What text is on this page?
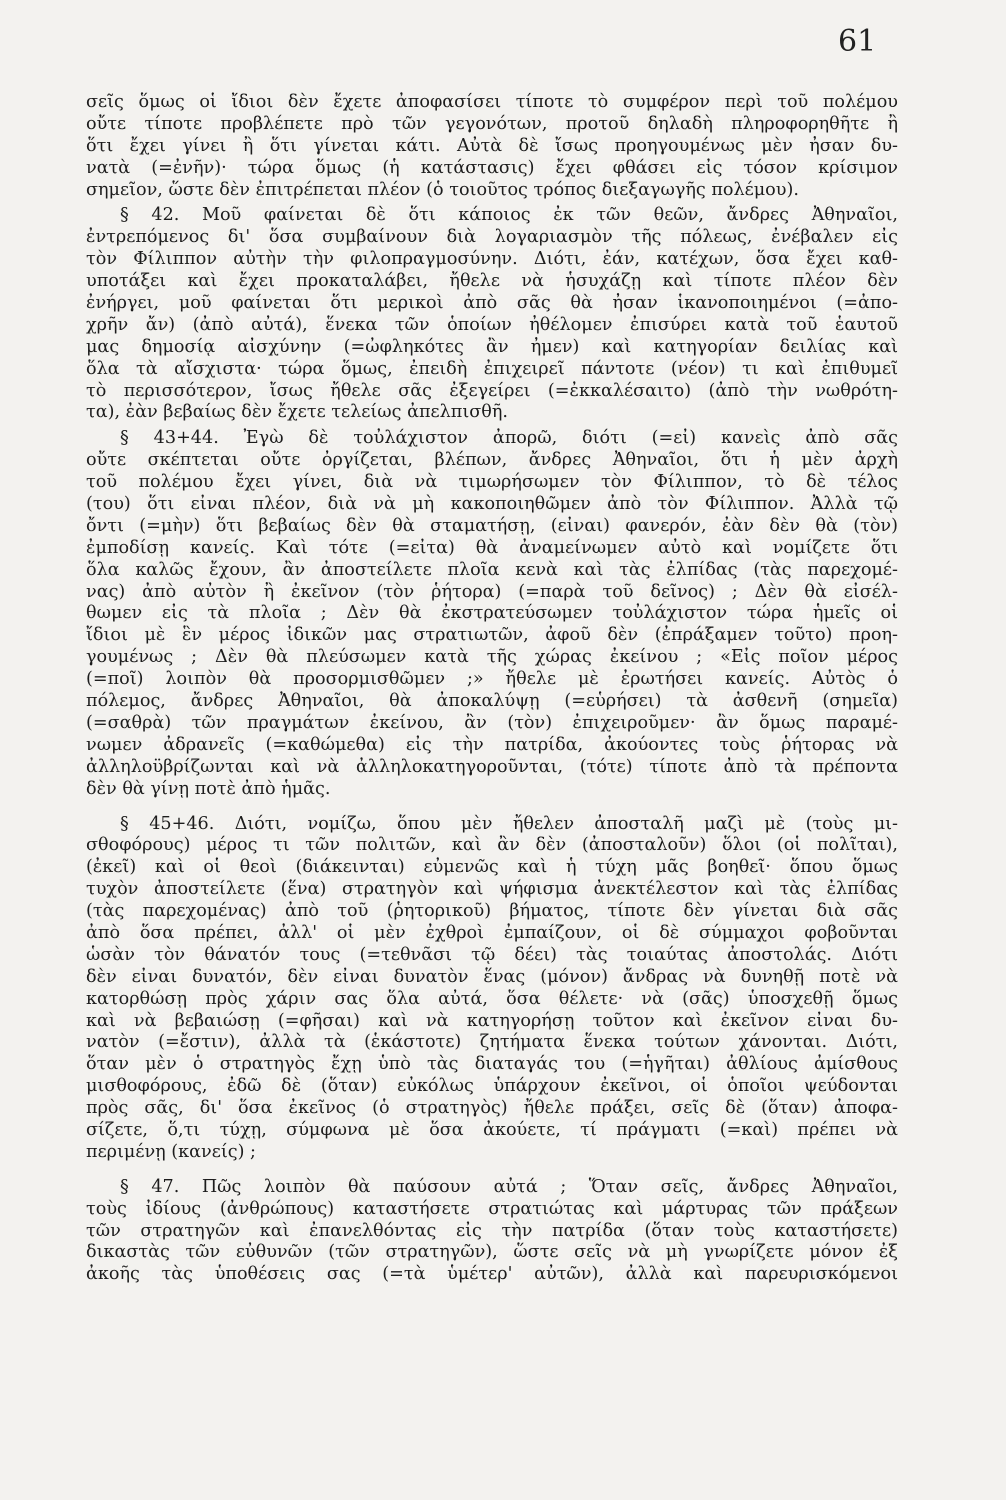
61
σεῖς ὅμως οἱ ἴδιοι δὲν ἔχετε ἀποφασίσει τίποτε τὸ συμφέρον περὶ τοῦ πολέμου
οὔτε τίποτε προβλέπετε πρὸ τῶν γεγονότων, προτοῦ δηλαδὴ πληροφορηθῆτε ἢ
ὅτι ἔχει γίνει ἢ ὅτι γίνεται κάτι. Αὐτὰ δὲ ἴσως προηγουμένως μὲν ἦσαν δυ-
νατὰ (=ἐνῆν)· τώρα ὅμως (ἡ κατάστασις) ἔχει φθάσει εἰς τόσον κρίσιμον
σημεῖον, ὥστε δὲν ἐπιτρέπεται πλέον (ὁ τοιοῦτος τρόπος διεξαγωγῆς πολέμου).
§ 42. Μοῦ φαίνεται δὲ ὅτι κάποιος ἐκ τῶν θεῶν, ἄνδρες Ἀθηναῖοι,
ἐντρεπόμενος δι' ὅσα συμβαίνουν διὰ λογαριασμὸν τῆς πόλεως, ἐνέβαλεν εἰς
τὸν Φίλιππον αὐτὴν τὴν φιλοπραγμοσύνην. Διότι, ἐάν, κατέχων, ὅσα ἔχει καθ-
υποτάξει καὶ ἔχει προκαταλάβει, ἤθελε νὰ ἡσυχάζῃ καὶ τίποτε πλέον δὲν
ἐνήργει, μοῦ φαίνεται ὅτι μερικοὶ ἀπὸ σᾶς θὰ ἦσαν ἱκανοποιημένοι (=ἀπο-
χρῆν ἄν) (ἀπὸ αὐτά), ἕνεκα τῶν ὁποίων ἠθέλομεν ἐπισύρει κατὰ τοῦ ἑαυτοῦ
μας δημοσίᾳ αἰσχύνην (=ὠφληκότες ἂν ἦμεν) καὶ κατηγορίαν δειλίας καὶ
ὅλα τὰ αἴσχιστα· τώρα ὅμως, ἐπειδὴ ἐπιχειρεῖ πάντοτε (νέον) τι καὶ ἐπιθυμεῖ
τὸ περισσότερον, ἴσως ἤθελε σᾶς ἐξεγείρει (=ἐκκαλέσαιτο) (ἀπὸ τὴν νωθρότη-
τα), ἐὰν βεβαίως δὲν ἔχετε τελείως ἀπελπισθῆ.
§ 43+44. Ἐγὼ δὲ τοὐλάχιστον ἀπορῶ, διότι (=εἰ) κανεὶς ἀπὸ σᾶς
οὔτε σκέπτεται οὔτε ὀργίζεται, βλέπων, ἄνδρες Ἀθηναῖοι, ὅτι ἡ μὲν ἀρχὴ
τοῦ πολέμου ἔχει γίνει, διὰ νὰ τιμωρήσωμεν τὸν Φίλιππον, τὸ δὲ τέλος
(του) ὅτι εἶναι πλέον, διὰ νὰ μὴ κακοποιηθῶμεν ἀπὸ τὸν Φίλιππον. Ἀλλὰ τῷ
ὄντι (=μὴν) ὅτι βεβαίως δὲν θὰ σταματήσῃ, (εἶναι) φανερόν, ἐὰν δὲν θὰ (τὸν)
ἐμποδίσῃ κανείς. Καὶ τότε (=εἶτα) θὰ ἀναμείνωμεν αὐτὸ καὶ νομίζετε ὅτι
ὅλα καλῶς ἔχουν, ἂν ἀποστείλετε πλοῖα κενὰ καὶ τὰς ἐλπίδας (τὰς παρεχομέ-
νας) ἀπὸ αὐτὸν ἢ ἐκεῖνον (τὸν ῥήτορα) (=παρὰ τοῦ δεῖνος) ; Δὲν θὰ εἰσέλ-
θωμεν εἰς τὰ πλοῖα ; Δὲν θὰ ἐκστρατεύσωμεν τοὐλάχιστον τώρα ἡμεῖς οἱ
ἴδιοι μὲ ἓν μέρος ἰδικῶν μας στρατιωτῶν, ἀφοῦ δὲν (ἐπράξαμεν τοῦτο) προη-
γουμένως ; Δὲν θὰ πλεύσωμεν κατὰ τῆς χώρας ἐκείνου ; «Εἰς ποῖον μέρος
(=ποῖ) λοιπὸν θὰ προσορμισθῶμεν ;» ἤθελε μὲ ἐρωτήσει κανείς. Αὐτὸς ὁ
πόλεμος, ἄνδρες Ἀθηναῖοι, θὰ ἀποκαλύψῃ (=εὑρήσει) τὰ ἀσθενῆ (σημεῖα)
(=σαθρὰ) τῶν πραγμάτων ἐκείνου, ἂν (τὸν) ἐπιχειροῦμεν· ἂν ὅμως παραμέ-
νωμεν ἀδρανεῖς (=καθώμεθα) εἰς τὴν πατρίδα, ἀκούοντες τοὺς ῥήτορας νὰ
ἀλληλοϋβρίζωνται καὶ νὰ ἀλληλοκατηγοροῦνται, (τότε) τίποτε ἀπὸ τὰ πρέποντα
δὲν θὰ γίνῃ ποτὲ ἀπὸ ἡμᾶς.
§ 45+46. Διότι, νομίζω, ὅπου μὲν ἤθελεν ἀποσταλῆ μαζὶ μὲ (τοὺς μι-
σθοφόρους) μέρος τι τῶν πολιτῶν, καὶ ἂν δὲν (ἀποσταλοῦν) ὅλοι (οἱ πολῖται),
(ἐκεῖ) καὶ οἱ θεοὶ (διάκεινται) εὐμενῶς καὶ ἡ τύχη μᾶς βοηθεῖ· ὅπου ὅμως
τυχὸν ἀποστείλετε (ἕνα) στρατηγὸν καὶ ψήφισμα ἀνεκτέλεστον καὶ τὰς ἐλπίδας
(τὰς παρεχομένας) ἀπὸ τοῦ (ῥητορικοῦ) βήματος, τίποτε δὲν γίνεται διὰ σᾶς
ἀπὸ ὅσα πρέπει, ἀλλ' οἱ μὲν ἐχθροὶ ἐμπαίζουν, οἱ δὲ σύμμαχοι φοβοῦνται
ὡσὰν τὸν θάνατόν τους (=τεθνᾶσι τῷ δέει) τὰς τοιαύτας ἀποστολάς. Διότι
δὲν εἶναι δυνατόν, δὲν εἶναι δυνατὸν ἕνας (μόνον) ἄνδρας νὰ δυνηθῇ ποτὲ νὰ
κατορθώσῃ πρὸς χάριν σας ὅλα αὐτά, ὅσα θέλετε· νὰ (σᾶς) ὑποσχεθῇ ὅμως
καὶ νὰ βεβαιώσῃ (=φῆσαι) καὶ νὰ κατηγορήσῃ τοῦτον καὶ ἐκεῖνον εἶναι δυ-
νατὸν (=ἔστιν), ἀλλὰ τὰ (ἑκάστοτε) ζητήματα ἕνεκα τούτων χάνονται. Διότι,
ὅταν μὲν ὁ στρατηγὸς ἔχῃ ὑπὸ τὰς διαταγάς του (=ἡγῆται) ἀθλίους ἀμίσθους
μισθοφόρους, ἐδῶ δὲ (ὅταν) εὐκόλως ὑπάρχουν ἐκεῖνοι, οἱ ὁποῖοι ψεύδονται
πρὸς σᾶς, δι' ὅσα ἐκεῖνος (ὁ στρατηγὸς) ἤθελε πράξει, σεῖς δὲ (ὅταν) ἀποφα-
σίζετε, ὅ,τι τύχῃ, σύμφωνα μὲ ὅσα ἀκούετε, τί πράγματι (=καὶ) πρέπει νὰ
περιμένῃ (κανείς) ;
§ 47. Πῶς λοιπὸν θὰ παύσουν αὐτά ; Ὅταν σεῖς, ἄνδρες Ἀθηναῖοι,
τοὺς ἰδίους (ἀνθρώπους) καταστήσετε στρατιώτας καὶ μάρτυρας τῶν πράξεων
τῶν στρατηγῶν καὶ ἐπανελθόντας εἰς τὴν πατρίδα (ὅταν τοὺς καταστήσετε)
δικαστὰς τῶν εὐθυνῶν (τῶν στρατηγῶν), ὥστε σεῖς νὰ μὴ γνωρίζετε μόνον ἐξ
ἀκοῆς τὰς ὑποθέσεις σας (=τὰ ὑμέτερ' αὐτῶν), ἀλλὰ καὶ παρευρισκόμενοι
